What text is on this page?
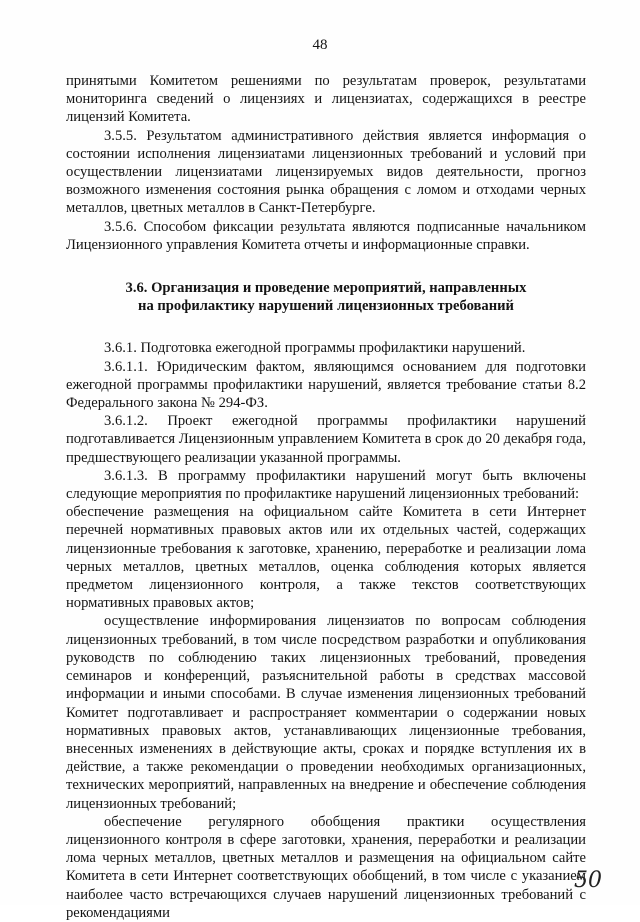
48

принятыми Комитетом решениями по результатам проверок, результатами мониторинга сведений о лицензиях и лицензиатах, содержащихся в реестре лицензий Комитета.

3.5.5. Результатом административного действия является информация о состоянии исполнения лицензиатами лицензионных требований и условий при осуществлении лицензиатами лицензируемых видов деятельности, прогноз возможного изменения состояния рынка обращения с ломом и отходами черных металлов, цветных металлов в Санкт-Петербурге.

3.5.6. Способом фиксации результата являются подписанные начальником Лицензионного управления Комитета отчеты и информационные справки.

3.6. Организация и проведение мероприятий, направленных
на профилактику нарушений лицензионных требований

3.6.1. Подготовка ежегодной программы профилактики нарушений.

3.6.1.1. Юридическим фактом, являющимся основанием для подготовки ежегодной программы профилактики нарушений, является требование статьи 8.2 Федерального закона № 294-ФЗ.

3.6.1.2. Проект ежегодной программы профилактики нарушений подготавливается Лицензионным управлением Комитета в срок до 20 декабря года, предшествующего реализации указанной программы.

3.6.1.3. В программу профилактики нарушений могут быть включены следующие мероприятия по профилактике нарушений лицензионных требований:

обеспечение размещения на официальном сайте Комитета в сети Интернет перечней нормативных правовых актов или их отдельных частей, содержащих лицензионные требования к заготовке, хранению, переработке и реализации лома черных металлов, цветных металлов, оценка соблюдения которых является предметом лицензионного контроля, а также текстов соответствующих нормативных правовых актов;

осуществление информирования лицензиатов по вопросам соблюдения лицензионных требований, в том числе посредством разработки и опубликования руководств по соблюдению таких лицензионных требований, проведения семинаров и конференций, разъяснительной работы в средствах массовой информации и иными способами. В случае изменения лицензионных требований Комитет подготавливает и распространяет комментарии о содержании новых нормативных правовых актов, устанавливающих лицензионные требования, внесенных изменениях в действующие акты, сроках и порядке вступления их в действие, а также рекомендации о проведении необходимых организационных, технических мероприятий, направленных на внедрение и обеспечение соблюдения лицензионных требований;

обеспечение регулярного обобщения практики осуществления лицензионного контроля в сфере заготовки, хранения, переработки и реализации лома черных металлов, цветных металлов и размещения на официальном сайте Комитета в сети Интернет соответствующих обобщений, в том числе с указанием наиболее часто встречающихся случаев нарушений лицензионных требований с рекомендациями

50
